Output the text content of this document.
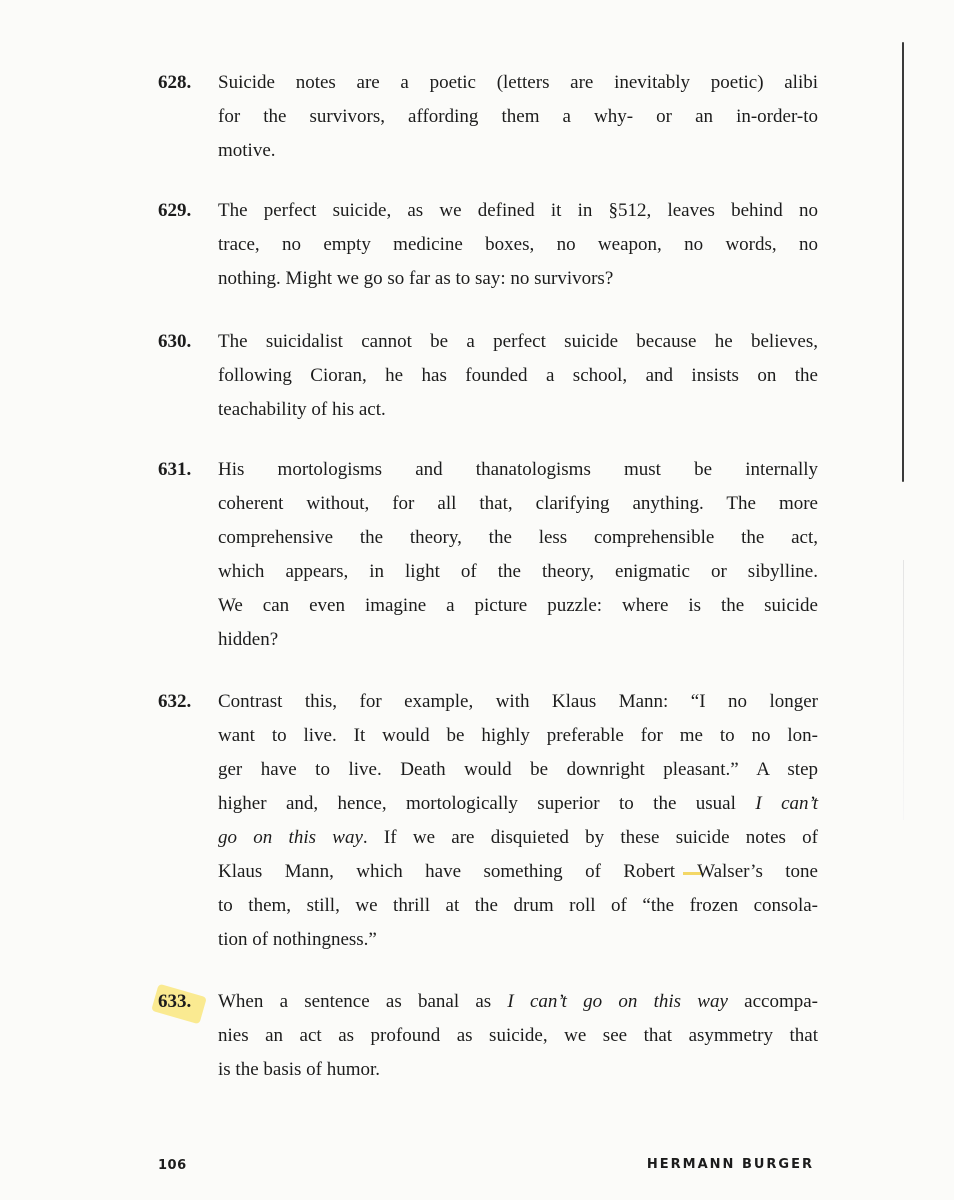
628.	Suicide notes are a poetic (letters are inevitably poetic) alibi
for the survivors, affording them a why- or an in-order-to
motive.
629.	The perfect suicide, as we defined it in §512, leaves behind no
trace, no empty medicine boxes, no weapon, no words, no
nothing. Might we go so far as to say: no survivors?
630.	The suicidalist cannot be a perfect suicide because he believes,
following Cioran, he has founded a school, and insists on the
teachability of his act.
631.	His mortologisms and thanatologisms must be internally
coherent without, for all that, clarifying anything. The more
comprehensive the theory, the less comprehensible the act,
which appears, in light of the theory, enigmatic or sibylline.
We can even imagine a picture puzzle: where is the suicide
hidden?
632.	Contrast this, for example, with Klaus Mann: “I no longer
want to live. It would be highly preferable for me to no lon-
ger have to live. Death would be downright pleasant.” A step
higher and, hence, mortologically superior to the usual I can’t
go on this way. If we are disquieted by these suicide notes of
Klaus Mann, which have something of Robert Walser’s tone
to them, still, we thrill at the drum roll of “the frozen consola-
tion of nothingness.”
633.	When a sentence as banal as I can’t go on this way accompa-
nies an act as profound as suicide, we see that asymmetry that
is the basis of humor.
106	HERMANN BURGER
